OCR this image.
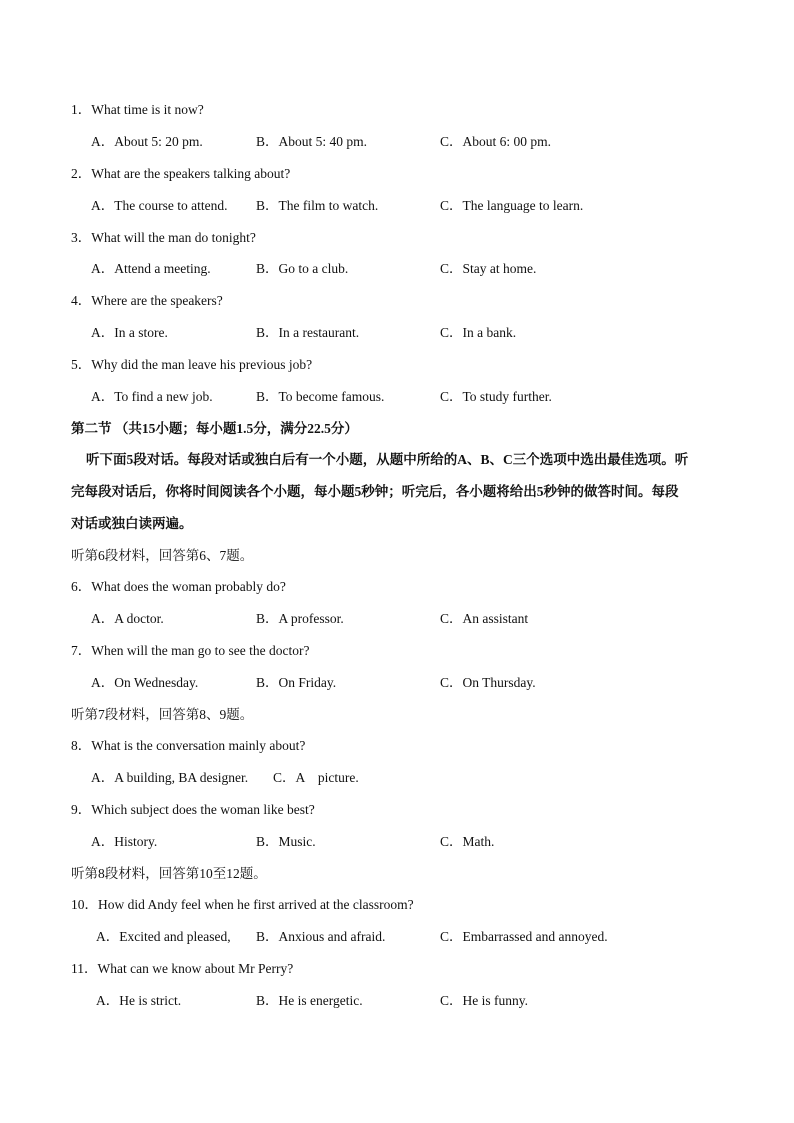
1．What time is it now?
A．About 5: 20 pm.	B．About 5: 40 pm.	C．About 6: 00 pm.
2．What are the speakers talking about?
A．The course to attend. B．The film to watch.	C．The language to learn.
3．What will the man do tonight?
A．Attend a meeting.	B．Go to a club.	C．Stay at home.
4．Where are the speakers?
A．In a store.	B．In a restaurant.	C．In a bank.
5．Why did the man leave his previous job?
A．To find a new job.	B．To become famous.	C．To study further.
第二节 （共15小题；每小题1.5分，满分22.5分）
听下面5段对话。每段对话或独白后有一个小题，从题中所给的A、B、C三个选项中选出最佳选项。听
完每段对话后，你将时间阅读各个小题，每小题5秒钟；听完后，各小题将给出5秒钟的做答时间。每段
对话或独白读两遍。
听第6段材料，回答第6、7题。
6．What does the woman probably do?
A．A doctor.	B．A professor.	C．An assistant
7．When will the man go to see the doctor?
A．On Wednesday.	B．On Friday.	C．On Thursday.
听第7段材料，回答第8、9题。
8．What is the conversation mainly about?
A．A building, BA designer. C．A picture.
9．Which subject does the woman like best?
A．History.	B．Music.	C．Math.
听第8段材料，回答第10至12题。
10．How did Andy feel when he first arrived at the classroom?
A．Excited and pleased, B．Anxious and afraid.	C．Embarrassed and annoyed.
11．What can we know about Mr Perry?
A．He is strict.	B．He is energetic.	C．He is funny.
